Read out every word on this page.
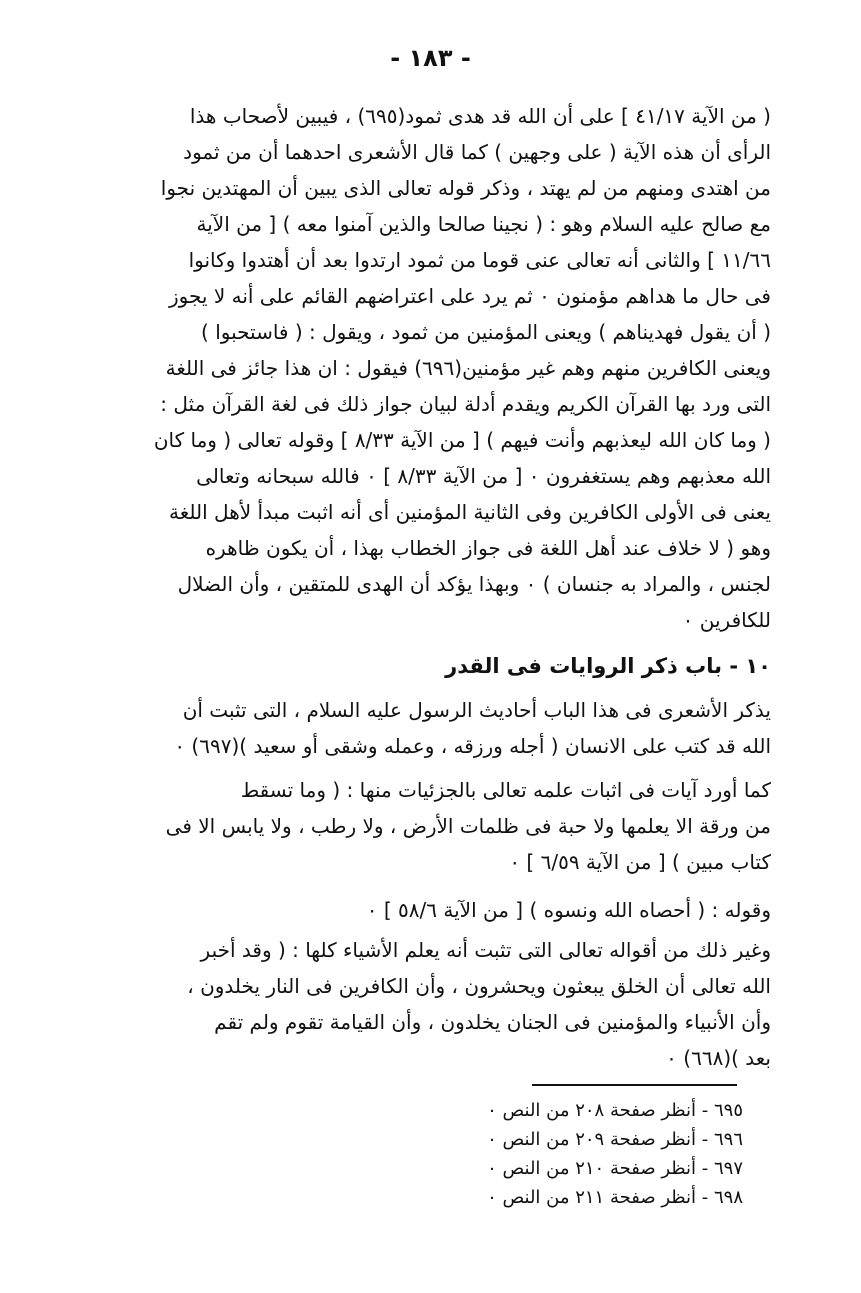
- ١٨٣ -
( من الآية ٤١/١٧ ] على أن الله قد هدى ثمود(٦٩٥) ، فيبين لأصحاب هذا
الرأى أن هذه الآية ( على وجهين ) كما قال الأشعرى احدهما أن من ثمود
من اهتدى ومنهم من لم يهتد ، وذكر قوله تعالى الذى يبين أن المهتدين نجوا
مع صالح عليه السلام وهو : ( نجينا صالحا والذين آمنوا معه ) [ من الآية
١١/٦٦ ] والثانى أنه تعالى عنى قوما من ثمود ارتدوا بعد أن أهتدوا وكانوا
فى حال ما هداهم مؤمنون ٠ ثم يرد على اعتراضهم القائم على أنه لا يجوز
( أن يقول فهديناهم ) ويعنى المؤمنين من ثمود ، ويقول : ( فاستحبوا )
ويعنى الكافرين منهم وهم غير مؤمنين(٦٩٦) فيقول : ان هذا جائز فى اللغة
التى ورد بها القرآن الكريم ويقدم أدلة لبيان جواز ذلك فى لغة القرآن مثل :
( وما كان الله ليعذبهم وأنت فيهم ) [ من الآية ٨/٣٣ ] وقوله تعالى ( وما كان
الله معذبهم وهم يستغفرون ٠ [ من الآية ٨/٣٣ ] ٠ فالله سبحانه وتعالى
يعنى فى الأولى الكافرين وفى الثانية المؤمنين أى أنه اثبت مبدأ لأهل اللغة
وهو ( لا خلاف عند أهل اللغة فى جواز الخطاب بهذا ، أن يكون ظاهره
لجنس ، والمراد به جنسان ) ٠ وبهذا يؤكد أن الهدى للمتقين ، وأن الضلال
للكافرين ٠
١٠ - باب ذكر الروايات فى القدر
يذكر الأشعرى فى هذا الباب أحاديث الرسول عليه السلام ، التى تثبت أن
الله قد كتب على الانسان ( أجله ورزقه ، وعمله وشقى أو سعيد )(٦٩٧) ٠
كما أورد آيات فى اثبات علمه تعالى بالجزئيات منها : ( وما تسقط
من ورقة الا يعلمها ولا حبة فى ظلمات الأرض ، ولا رطب ، ولا يابس الا فى
كتاب مبين ) [ من الآية ٦/٥٩ ] ٠
وقوله : ( أحصاه الله ونسوه ) [ من الآية ٥٨/٦ ] ٠
وغير ذلك من أقواله تعالى التى تثبت أنه يعلم الأشياء كلها : ( وقد أخبر
الله تعالى أن الخلق يبعثون ويحشرون ، وأن الكافرين فى النار يخلدون ،
وأن الأنبياء والمؤمنين فى الجنان يخلدون ، وأن القيامة تقوم ولم تقم
بعد )(٦٦٨) ٠
٦٩٥ - أنظر صفحة ٢٠٨ من النص ٠
٦٩٦ - أنظر صفحة ٢٠٩ من النص ٠
٦٩٧ - أنظر صفحة ٢١٠ من النص ٠
٦٩٨ - أنظر صفحة ٢١١ من النص ٠
